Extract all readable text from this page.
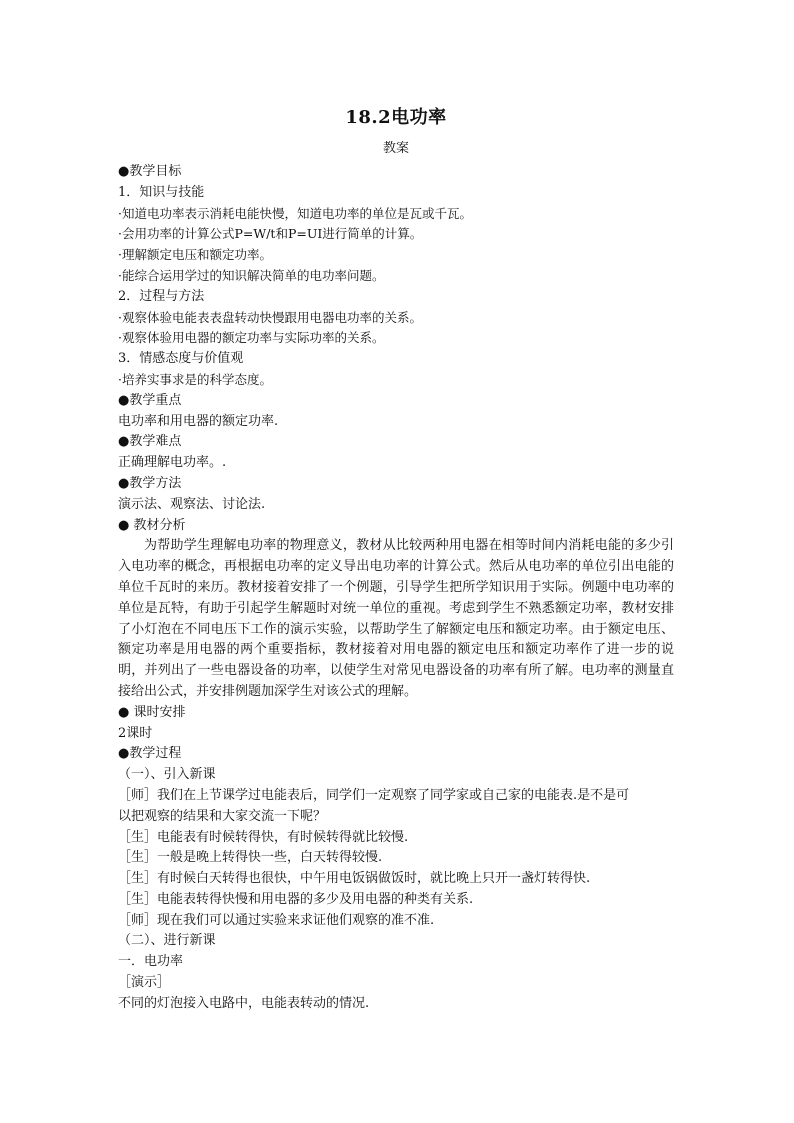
18.2电功率
教案

●教学目标

1．知识与技能

·知道电功率表示消耗电能快慢，知道电功率的单位是瓦或千瓦。

·会用功率的计算公式P=W/t和P=UI进行简单的计算。

·理解额定电压和额定功率。

·能综合运用学过的知识解决简单的电功率问题。

2．过程与方法

·观察体验电能表表盘转动快慢跟用电器电功率的关系。

·观察体验用电器的额定功率与实际功率的关系。

3．情感态度与价值观

·培养实事求是的科学态度。

●教学重点

电功率和用电器的额定功率.

●教学难点

正确理解电功率。.

●教学方法

演示法、观察法、讨论法.

● 教材分析

为帮助学生理解电功率的物理意义，教材从比较两种用电器在相等时间内消耗电能的多少引入电功率的概念，再根据电功率的定义导出电功率的计算公式。然后从电功率的单位引出电能的单位千瓦时的来历。教材接着安排了一个例题，引导学生把所学知识用于实际。例题中电功率的单位是瓦特，有助于引起学生解题时对统一单位的重视。考虑到学生不熟悉额定功率，教材安排了小灯泡在不同电压下工作的演示实验，以帮助学生了解额定电压和额定功率。由于额定电压、额定功率是用电器的两个重要指标，教材接着对用电器的额定电压和额定功率作了进一步的说明，并列出了一些电器设备的功率，以使学生对常见电器设备的功率有所了解。电功率的测量直接给出公式，并安排例题加深学生对该公式的理解。

● 课时安排

2课时

●教学过程

（一）、引入新课

［师］我们在上节课学过电能表后，同学们一定观察了同学家或自己家的电能表.是不是可

以把观察的结果和大家交流一下呢？

［生］电能表有时候转得快，有时候转得就比较慢.

［生］一般是晚上转得快一些，白天转得较慢.

［生］有时候白天转得也很快，中午用电饭锅做饭时，就比晚上只开一盏灯转得快.

［生］电能表转得快慢和用电器的多少及用电器的种类有关系.

［师］现在我们可以通过实验来求证他们观察的准不准.

（二）、进行新课

一．电功率

［演示］

不同的灯泡接入电路中，电能表转动的情况.
